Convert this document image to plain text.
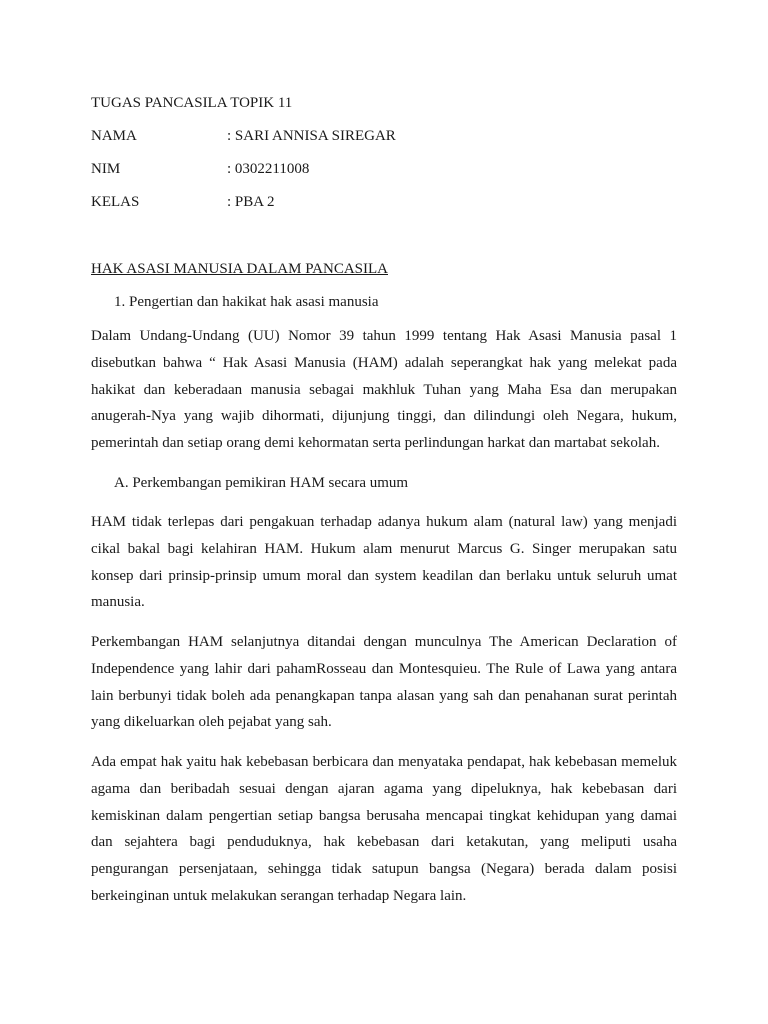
TUGAS PANCASILA TOPIK 11
NAMA	: SARI ANNISA SIREGAR
NIM	: 0302211008
KELAS	: PBA 2
HAK ASASI MANUSIA DALAM PANCASILA
1. Pengertian dan hakikat hak asasi manusia

Dalam Undang-Undang (UU) Nomor 39 tahun 1999 tentang Hak Asasi Manusia pasal 1 disebutkan bahwa “ Hak Asasi Manusia (HAM) adalah seperangkat hak yang melekat pada hakikat dan keberadaan manusia sebagai makhluk Tuhan yang Maha Esa dan merupakan anugerah-Nya yang wajib dihormati, dijunjung tinggi, dan dilindungi oleh Negara, hukum, pemerintah dan setiap orang demi kehormatan serta perlindungan harkat dan martabat sekolah.

A. Perkembangan pemikiran HAM secara umum

HAM tidak terlepas dari pengakuan terhadap adanya hukum alam (natural law) yang menjadi cikal bakal bagi kelahiran HAM. Hukum alam menurut Marcus G. Singer merupakan satu konsep dari prinsip-prinsip umum moral dan system keadilan dan berlaku untuk seluruh umat manusia.

Perkembangan HAM selanjutnya ditandai dengan munculnya The American Declaration of Independence yang lahir dari pahamRosseau dan Montesquieu. The Rule of Lawa yang antara lain berbunyi tidak boleh ada penangkapan tanpa alasan yang sah dan penahanan surat perintah yang dikeluarkan oleh pejabat yang sah.

Ada empat hak yaitu hak kebebasan berbicara dan menyataka pendapat, hak kebebasan memeluk agama dan beribadah sesuai dengan ajaran agama yang dipeluknya, hak kebebasan dari kemiskinan dalam pengertian setiap bangsa berusaha mencapai tingkat kehidupan yang damai dan sejahtera bagi penduduknya, hak kebebasan dari ketakutan, yang meliputi usaha pengurangan persenjataan, sehingga tidak satupun bangsa (Negara) berada dalam posisi berkeinginan untuk melakukan serangan terhadap Negara lain.
